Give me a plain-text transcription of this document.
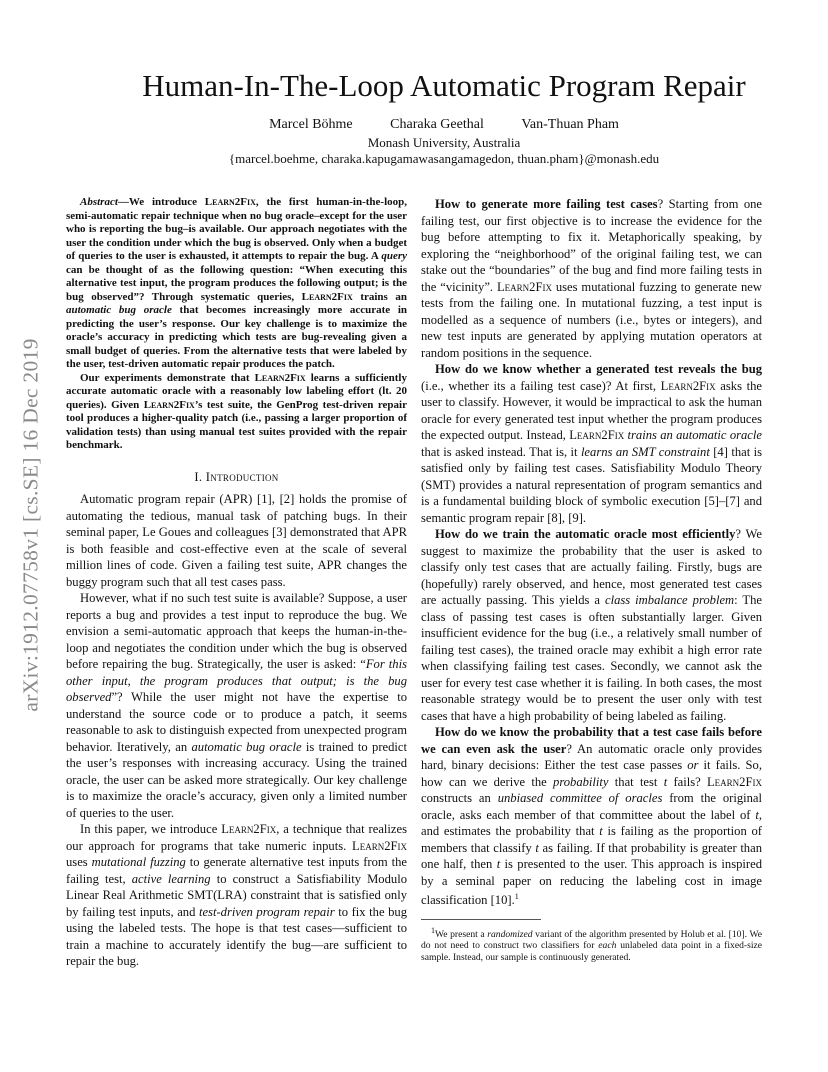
arXiv:1912.07758v1 [cs.SE] 16 Dec 2019
Human-In-The-Loop Automatic Program Repair
Marcel Böhme	Charaka Geethal	Van-Thuan Pham
Monash University, Australia
{marcel.boehme, charaka.kapugamawasangamagedon, thuan.pham}@monash.edu

Abstract—We introduce Learn2Fix, the first human-in-the-loop, semi-automatic repair technique when no bug oracle–except for the user who is reporting the bug–is available. Our approach negotiates with the user the condition under which the bug is observed. Only when a budget of queries to the user is exhausted, it attempts to repair the bug. A query can be thought of as the following question: “When executing this alternative test input, the program produces the following output; is the bug observed”? Through systematic queries, Learn2Fix trains an automatic bug oracle that becomes increasingly more accurate in predicting the user’s response. Our key challenge is to maximize the oracle’s accuracy in predicting which tests are bug-revealing given a small budget of queries. From the alternative tests that were labeled by the user, test-driven automatic repair produces the patch.

Our experiments demonstrate that Learn2Fix learns a sufficiently accurate automatic oracle with a reasonably low labeling effort (lt. 20 queries). Given Learn2Fix’s test suite, the GenProg test-driven repair tool produces a higher-quality patch (i.e., passing a larger proportion of validation tests) than using manual test suites provided with the repair benchmark.

I. Introduction

Automatic program repair (APR) [1], [2] holds the promise of automating the tedious, manual task of patching bugs. In their seminal paper, Le Goues and colleagues [3] demonstrated that APR is both feasible and cost-effective even at the scale of several million lines of code. Given a failing test suite, APR changes the buggy program such that all test cases pass.

However, what if no such test suite is available? Suppose, a user reports a bug and provides a test input to reproduce the bug. We envision a semi-automatic approach that keeps the human-in-the-loop and negotiates the condition under which the bug is observed before repairing the bug. Strategically, the user is asked: “For this other input, the program produces that output; is the bug observed”? While the user might not have the expertise to understand the source code or to produce a patch, it seems reasonable to ask to distinguish expected from unexpected program behavior. Iteratively, an automatic bug oracle is trained to predict the user’s responses with increasing accuracy. Using the trained oracle, the user can be asked more strategically. Our key challenge is to maximize the oracle’s accuracy, given only a limited number of queries to the user.

In this paper, we introduce Learn2Fix, a technique that realizes our approach for programs that take numeric inputs. Learn2Fix uses mutational fuzzing to generate alternative test inputs from the failing test, active learning to construct a Satisfiability Modulo Linear Real Arithmetic SMT(LRA) constraint that is satisfied only by failing test inputs, and test-driven program repair to fix the bug using the labeled tests. The hope is that test cases—sufficient to train a machine to accurately identify the bug—are sufficient to repair the bug.

How to generate more failing test cases? Starting from one failing test, our first objective is to increase the evidence for the bug before attempting to fix it. Metaphorically speaking, by exploring the “neighborhood” of the original failing test, we can stake out the “boundaries” of the bug and find more failing tests in the “vicinity”. Learn2Fix uses mutational fuzzing to generate new tests from the failing one. In mutational fuzzing, a test input is modelled as a sequence of numbers (i.e., bytes or integers), and new test inputs are generated by applying mutation operators at random positions in the sequence.

How do we know whether a generated test reveals the bug (i.e., whether its a failing test case)? At first, Learn2Fix asks the user to classify. However, it would be impractical to ask the human oracle for every generated test input whether the program produces the expected output. Instead, Learn2Fix trains an automatic oracle that is asked instead. That is, it learns an SMT constraint [4] that is satisfied only by failing test cases. Satisfiability Modulo Theory (SMT) provides a natural representation of program semantics and is a fundamental building block of symbolic execution [5]–[7] and semantic program repair [8], [9].

How do we train the automatic oracle most efficiently? We suggest to maximize the probability that the user is asked to classify only test cases that are actually failing. Firstly, bugs are (hopefully) rarely observed, and hence, most generated test cases are actually passing. This yields a class imbalance problem: The class of passing test cases is often substantially larger. Given insufficient evidence for the bug (i.e., a relatively small number of failing test cases), the trained oracle may exhibit a high error rate when classifying failing test cases. Secondly, we cannot ask the user for every test case whether it is failing. In both cases, the most reasonable strategy would be to present the user only with test cases that have a high probability of being labeled as failing.

How do we know the probability that a test case fails before we can even ask the user? An automatic oracle only provides hard, binary decisions: Either the test case passes or it fails. So, how can we derive the probability that test t fails? Learn2Fix constructs an unbiased committee of oracles from the original oracle, asks each member of that committee about the label of t, and estimates the probability that t is failing as the proportion of members that classify t as failing. If that probability is greater than one half, then t is presented to the user. This approach is inspired by a seminal paper on reducing the labeling cost in image classification [10].$^1$

$^1$We present a randomized variant of the algorithm presented by Holub et al. [10]. We do not need to construct two classifiers for each unlabeled data point in a fixed-size sample. Instead, our sample is continuously generated.
